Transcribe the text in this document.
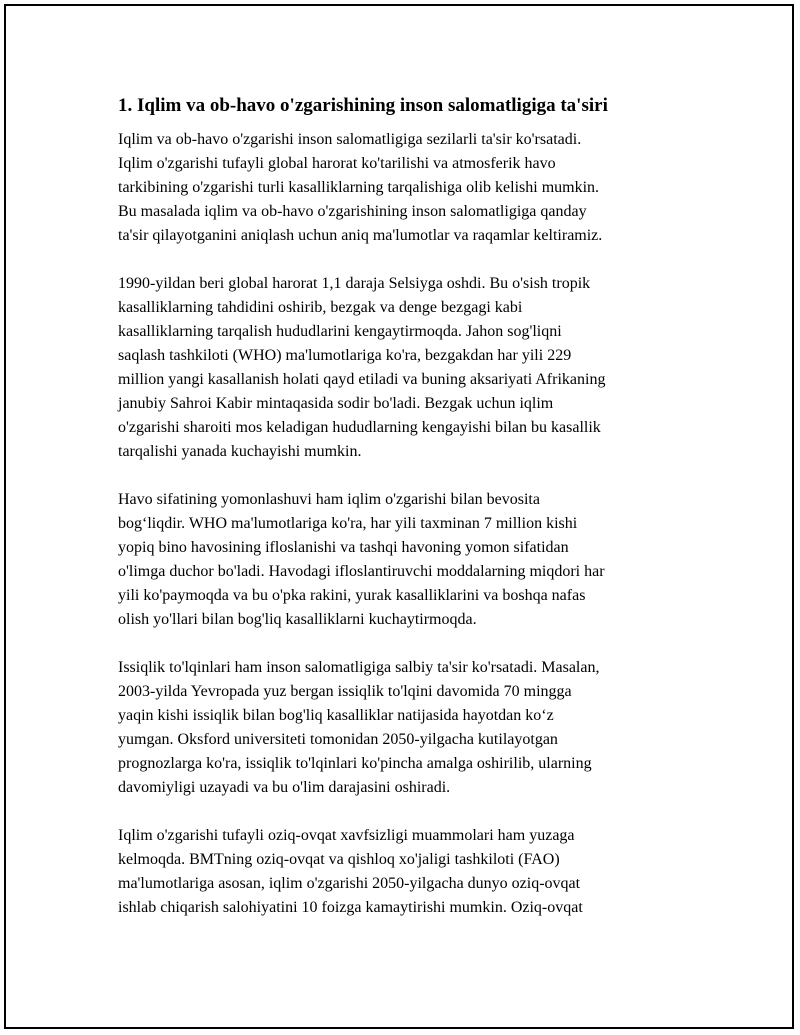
1. Iqlim va ob-havo o'zgarishining inson salomatligiga ta'siri
Iqlim va ob-havo o'zgarishi inson salomatligiga sezilarli ta'sir ko'rsatadi.
Iqlim o'zgarishi tufayli global harorat ko'tarilishi va atmosferik havo
tarkibining o'zgarishi turli kasalliklarning tarqalishiga olib kelishi mumkin.
Bu masalada iqlim va ob-havo o'zgarishining inson salomatligiga qanday
ta'sir qilayotganini aniqlash uchun aniq ma'lumotlar va raqamlar keltiramiz.
1990-yildan beri global harorat 1,1 daraja Selsiyga oshdi. Bu o'sish tropik
kasalliklarning tahdidini oshirib, bezgak va denge bezgagi kabi
kasalliklarning tarqalish hududlarini kengaytirmoqda. Jahon sog'liqni
saqlash tashkiloti (WHO) ma'lumotlariga ko'ra, bezgakdan har yili 229
million yangi kasallanish holati qayd etiladi va buning aksariyati Afrikaning
janubiy Sahroi Kabir mintaqasida sodir bo'ladi. Bezgak uchun iqlim
o'zgarishi sharoiti mos keladigan hududlarning kengayishi bilan bu kasallik
tarqalishi yanada kuchayishi mumkin.
Havo sifatining yomonlashuvi ham iqlim o'zgarishi bilan bevosita
bog‘liqdir. WHO ma'lumotlariga ko'ra, har yili taxminan 7 million kishi
yopiq bino havosining ifloslanishi va tashqi havoning yomon sifatidan
o'limga duchor bo'ladi. Havodagi ifloslantiruvchi moddalarning miqdori har
yili ko'paymoqda va bu o'pka rakini, yurak kasalliklarini va boshqa nafas
olish yo'llari bilan bog'liq kasalliklarni kuchaytirmoqda.
Issiqlik to'lqinlari ham inson salomatligiga salbiy ta'sir ko'rsatadi. Masalan,
2003-yilda Yevropada yuz bergan issiqlik to'lqini davomida 70 mingga
yaqin kishi issiqlik bilan bog'liq kasalliklar natijasida hayotdan ko‘z
yumgan. Oksford universiteti tomonidan 2050-yilgacha kutilayotgan
prognozlarga ko'ra, issiqlik to'lqinlari ko'pincha amalga oshirilib, ularning
davomiyligi uzayadi va bu o'lim darajasini oshiradi.
Iqlim o'zgarishi tufayli oziq-ovqat xavfsizligi muammolari ham yuzaga
kelmoqda. BMTning oziq-ovqat va qishloq xo'jaligi tashkiloti (FAO)
ma'lumotlariga asosan, iqlim o'zgarishi 2050-yilgacha dunyo oziq-ovqat
ishlab chiqarish salohiyatini 10 foizga kamaytirishi mumkin. Oziq-ovqat
